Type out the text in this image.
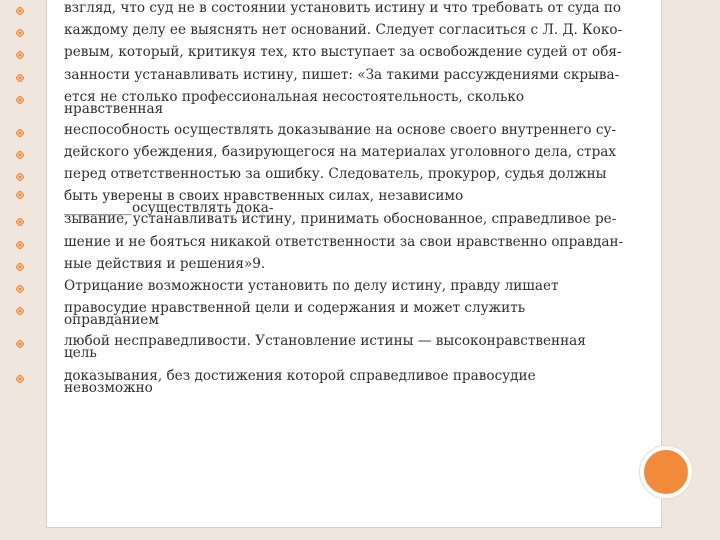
взгляд, что суд не в состоянии установить истину и что требовать от суда по
каждому делу ее выяснять нет оснований. Следует согласиться с Л. Д. Коко-
ревым, который, критикуя тех, кто выступает за освобождение судей от обя-
занности устанавливать истину, пишет: «За такими рассуждениями скрыва-
ется не столько профессиональная несостоятельность, сколько
нравственная
неспособность осуществлять доказывание на основе своего внутреннего су-
дейского убеждения, базирующегося на материалах уголовного дела, страх
перед ответственностью за ошибку. Следователь, прокурор, судья должны
быть уверены в своих нравственных силах, независимо
__________осуществлять дока-
зывание, устанавливать истину, принимать обоснованное, справедливое ре-
шение и не бояться никакой ответственности за свои нравственно оправдан-
ные действия и решения»9.
Отрицание возможности установить по делу истину, правду лишает
правосудие нравственной цели и содержания и может служить
оправданием
любой несправедливости. Установление истины — высоконравственная
цель
доказывания, без достижения которой справедливое правосудие
невозможно
